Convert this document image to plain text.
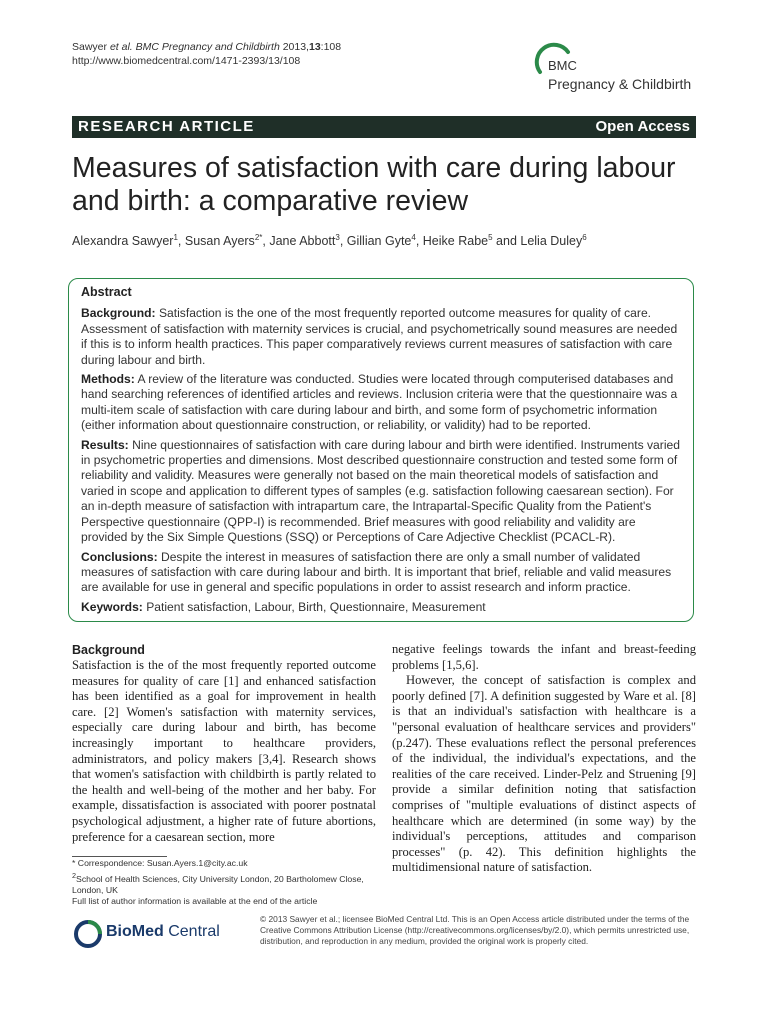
Sawyer et al. BMC Pregnancy and Childbirth 2013,13:108
http://www.biomedcentral.com/1471-2393/13/108	BMC
Pregnancy & Childbirth
RESEARCH ARTICLE	Open Access
Measures of satisfaction with care during labour and birth: a comparative review
Alexandra Sawyer$^1$, Susan Ayers$^{2*}$, Jane Abbott$^3$, Gillian Gyte$^4$, Heike Rabe$^5$ and Lelia Duley$^6$
Abstract

Background: Satisfaction is the one of the most frequently reported outcome measures for quality of care. Assessment of satisfaction with maternity services is crucial, and psychometrically sound measures are needed if this is to inform health practices. This paper comparatively reviews current measures of satisfaction with care during labour and birth.

Methods: A review of the literature was conducted. Studies were located through computerised databases and hand searching references of identified articles and reviews. Inclusion criteria were that the questionnaire was a multi-item scale of satisfaction with care during labour and birth, and some form of psychometric information (either information about questionnaire construction, or reliability, or validity) had to be reported.

Results: Nine questionnaires of satisfaction with care during labour and birth were identified. Instruments varied in psychometric properties and dimensions. Most described questionnaire construction and tested some form of reliability and validity. Measures were generally not based on the main theoretical models of satisfaction and varied in scope and application to different types of samples (e.g. satisfaction following caesarean section). For an in-depth measure of satisfaction with intrapartum care, the Intrapartal-Specific Quality from the Patient's Perspective questionnaire (QPP-I) is recommended. Brief measures with good reliability and validity are provided by the Six Simple Questions (SSQ) or Perceptions of Care Adjective Checklist (PCACL-R).

Conclusions: Despite the interest in measures of satisfaction there are only a small number of validated measures of satisfaction with care during labour and birth. It is important that brief, reliable and valid measures are available for use in general and specific populations in order to assist research and inform practice.

Keywords: Patient satisfaction, Labour, Birth, Questionnaire, Measurement

Background

Satisfaction is the of the most frequently reported outcome measures for quality of care [1] and enhanced satisfaction has been identified as a goal for improvement in health care. [2] Women's satisfaction with maternity services, especially care during labour and birth, has become increasingly important to healthcare providers, administrators, and policy makers [3,4]. Research shows that women's satisfaction with childbirth is partly related to the health and well-being of the mother and her baby. For example, dissatisfaction is associated with poorer postnatal psychological adjustment, a higher rate of future abortions, preference for a caesarean section, more

negative feelings towards the infant and breast-feeding problems [1,5,6].

However, the concept of satisfaction is complex and poorly defined [7]. A definition suggested by Ware et al. [8] is that an individual's satisfaction with healthcare is a "personal evaluation of healthcare services and providers" (p.247). These evaluations reflect the personal preferences of the individual, the individual's expectations, and the realities of the care received. Linder-Pelz and Struening [9] provide a similar definition noting that satisfaction comprises of "multiple evaluations of distinct aspects of healthcare which are determined (in some way) by the individual's perceptions, attitudes and comparison processes" (p. 42). This definition highlights the multidimensional nature of satisfaction.

* Correspondence: Susan.Ayers.1@city.ac.uk

$^2$School of Health Sciences, City University London, 20 Bartholomew Close, London, UK

Full list of author information is available at the end of the article

BioMed Central
© 2013 Sawyer et al.; licensee BioMed Central Ltd. This is an Open Access article distributed under the terms of the Creative Commons Attribution License (http://creativecommons.org/licenses/by/2.0), which permits unrestricted use, distribution, and reproduction in any medium, provided the original work is properly cited.
